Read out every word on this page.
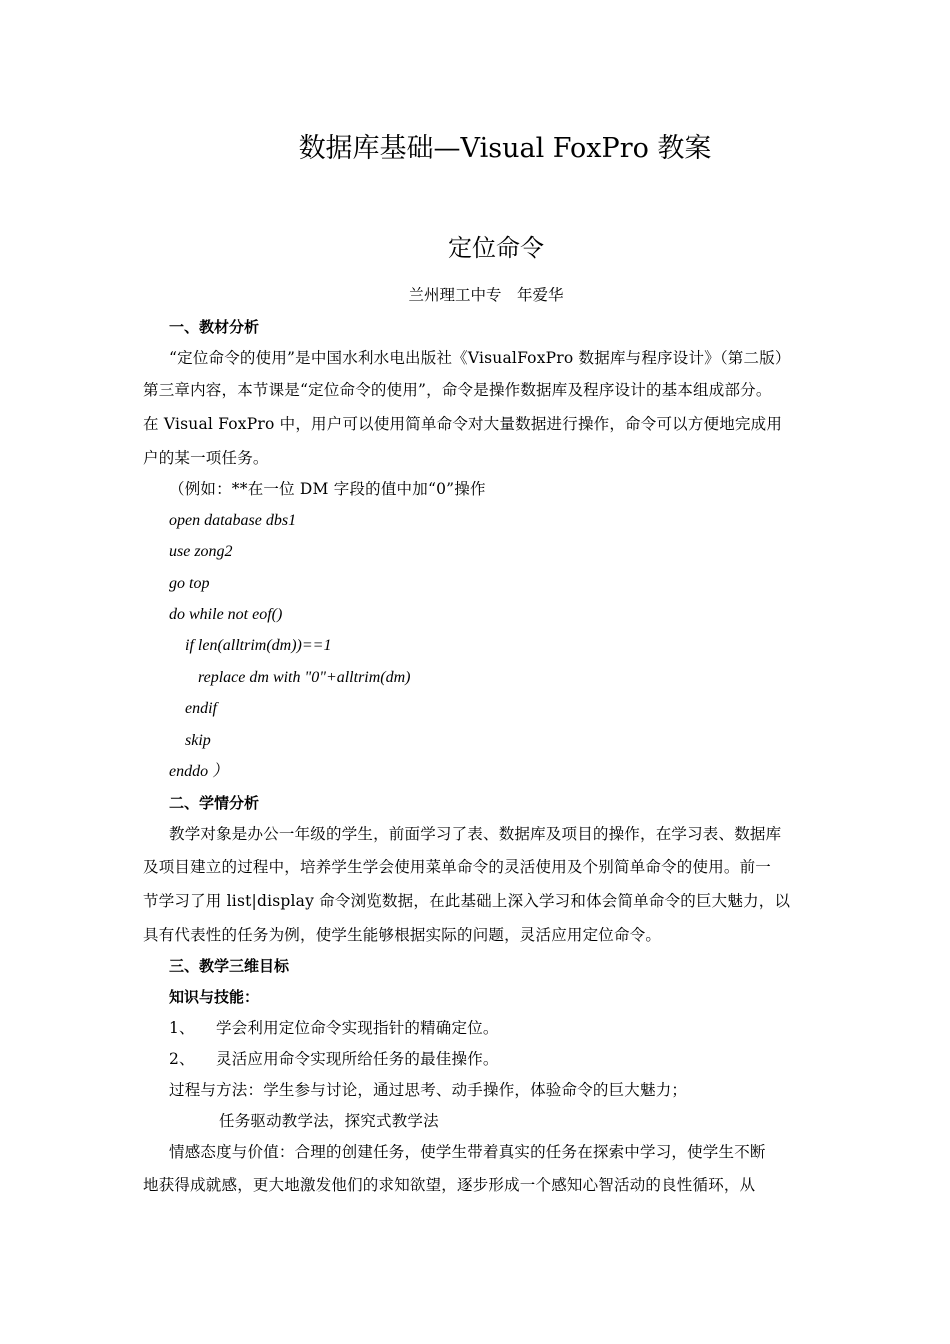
数据库基础—Visual FoxPro 教案
定位命令
兰州理工中专　年爱华
一、教材分析
“定位命令的使用”是中国水利水电出版社《VisualFoxPro 数据库与程序设计》（第二版）
第三章内容，本节课是“定位命令的使用”，命令是操作数据库及程序设计的基本组成部分。
在 Visual FoxPro 中，用户可以使用简单命令对大量数据进行操作，命令可以方便地完成用
户的某一项任务。
（例如：**在一位 DM 字段的值中加“0”操作
open database dbs1
use zong2
go top
do while not eof()
if len(alltrim(dm))==1
replace dm with "0"+alltrim(dm)
endif
skip
enddo ）
二、学情分析
教学对象是办公一年级的学生，前面学习了表、数据库及项目的操作，在学习表、数据库
及项目建立的过程中，培养学生学会使用菜单命令的灵活使用及个别简单命令的使用。前一
节学习了用 list|display 命令浏览数据，在此基础上深入学习和体会简单命令的巨大魅力，以
具有代表性的任务为例，使学生能够根据实际的问题，灵活应用定位命令。
三、教学三维目标
知识与技能：
1、 学会利用定位命令实现指针的精确定位。
2、 灵活应用命令实现所给任务的最佳操作。
过程与方法：学生参与讨论，通过思考、动手操作，体验命令的巨大魅力；
任务驱动教学法，探究式教学法
情感态度与价值：合理的创建任务，使学生带着真实的任务在探索中学习，使学生不断
地获得成就感，更大地激发他们的求知欲望，逐步形成一个感知心智活动的良性循环，从
